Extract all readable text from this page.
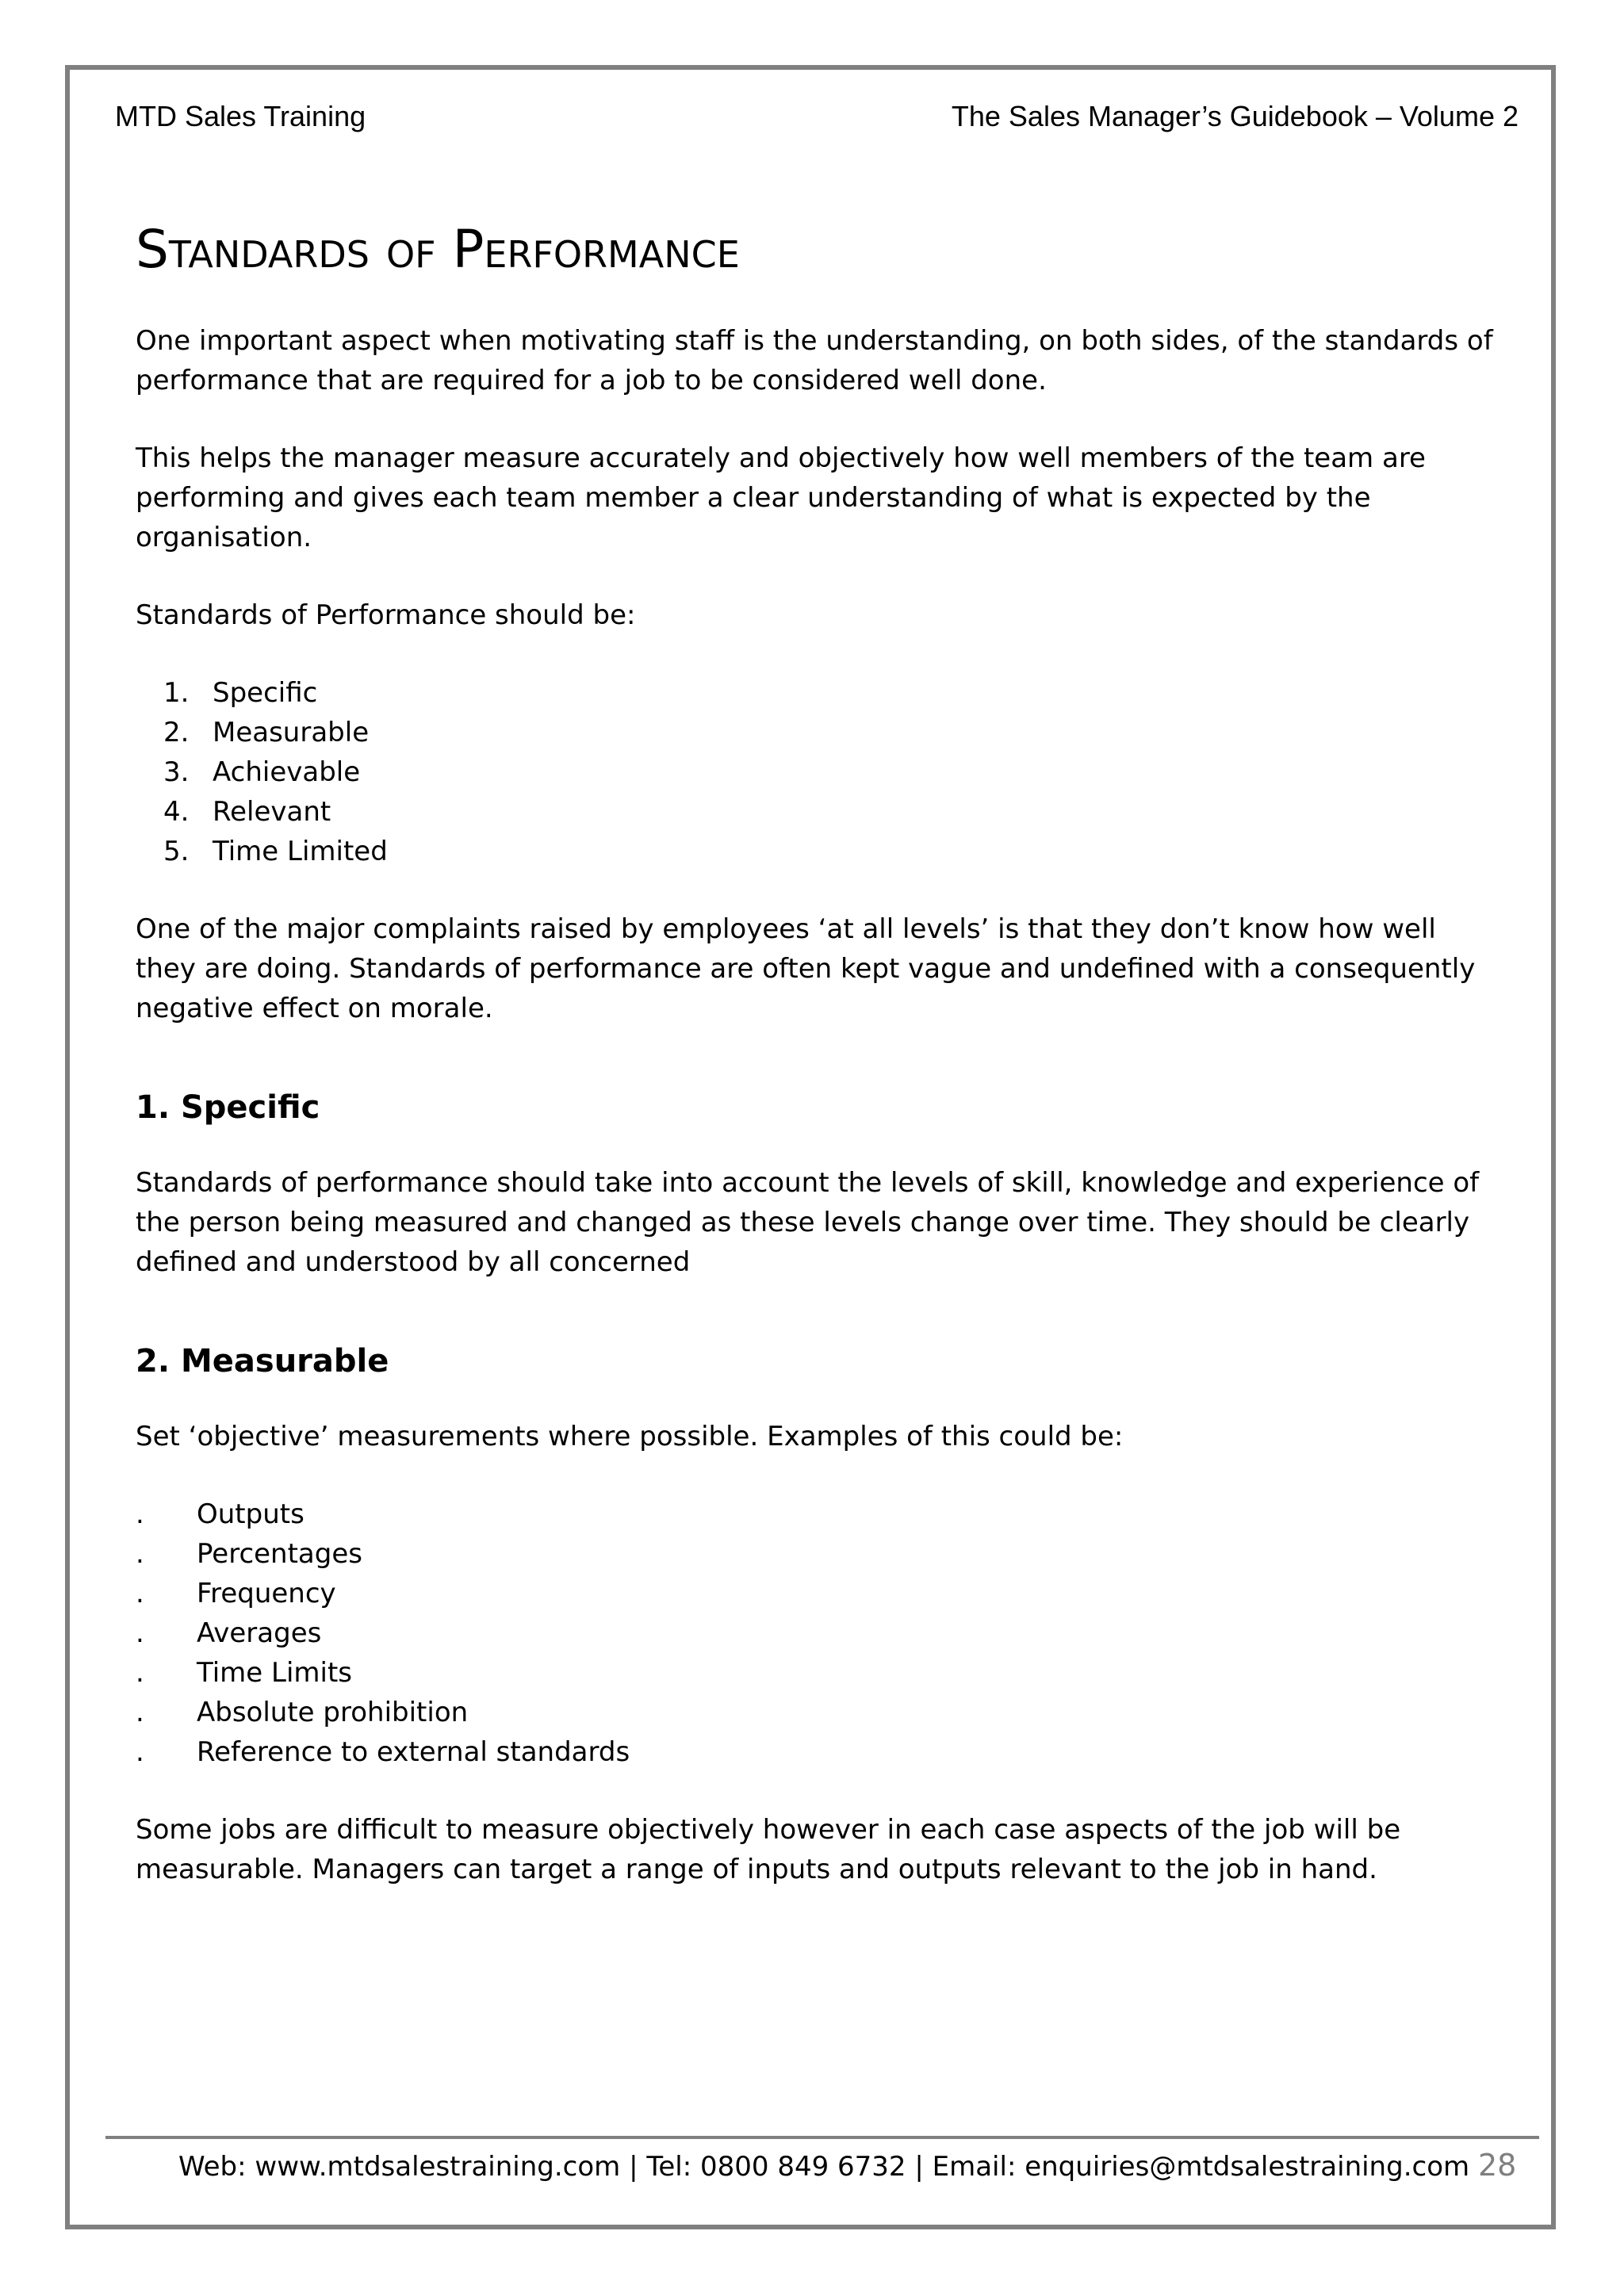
MTD Sales Training	The Sales Manager’s Guidebook – Volume 2
Standards of Performance

One important aspect when motivating staff is the understanding, on both sides, of the standards of performance that are required for a job to be considered well done.

This helps the manager measure accurately and objectively how well members of the team are performing and gives each team member a clear understanding of what is expected by the organisation.

Standards of Performance should be:

1. Specific
2. Measurable
3. Achievable
4. Relevant
5. Time Limited

One of the major complaints raised by employees ‘at all levels’ is that they don’t know how well they are doing. Standards of performance are often kept vague and undefined with a consequently negative effect on morale.

1. Specific

Standards of performance should take into account the levels of skill, knowledge and experience of the person being measured and changed as these levels change over time. They should be clearly defined and understood by all concerned

2. Measurable

Set ‘objective’ measurements where possible. Examples of this could be:

. Outputs
. Percentages
. Frequency
. Averages
. Time Limits
. Absolute prohibition
. Reference to external standards

Some jobs are difficult to measure objectively however in each case aspects of the job will be measurable. Managers can target a range of inputs and outputs relevant to the job in hand.

Web: www.mtdsalestraining.com | Tel: 0800 849 6732 | Email: enquiries@mtdsalestraining.com 28
